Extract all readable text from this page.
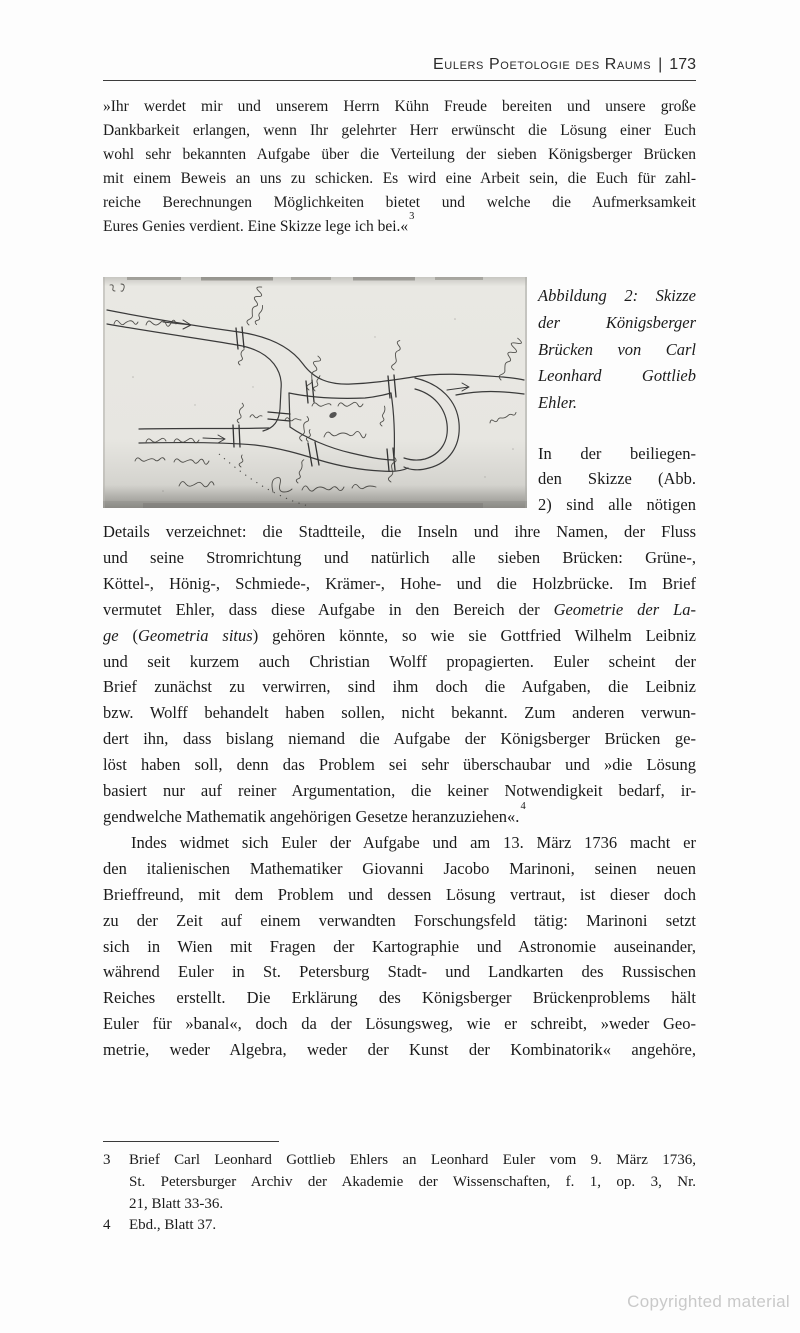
Eulers Poetologie des Raums | 173
»Ihr werdet mir und unserem Herrn Kühn Freude bereiten und unsere große
Dankbarkeit erlangen, wenn Ihr gelehrter Herr erwünscht die Lösung einer Euch
wohl sehr bekannten Aufgabe über die Verteilung der sieben Königsberger Brücken
mit einem Beweis an uns zu schicken. Es wird eine Arbeit sein, die Euch für zahl-
reiche Berechnungen Möglichkeiten bietet und welche die Aufmerksamkeit
Eures Genies verdient. Eine Skizze lege ich bei.«$^3$
Abbildung 2: Skizze
der Königsberger
Brücken von Carl
Leonhard Gottlieb
Ehler.
In der beiliegen-
den Skizze (Abb.
2) sind alle nötigen
Details verzeichnet: die Stadtteile, die Inseln und ihre Namen, der Fluss
und seine Stromrichtung und natürlich alle sieben Brücken: Grüne-,
Köttel-, Hönig-, Schmiede-, Krämer-, Hohe- und die Holzbrücke. Im Brief
vermutet Ehler, dass diese Aufgabe in den Bereich der Geometrie der La-
ge (Geometria situs) gehören könnte, so wie sie Gottfried Wilhelm Leibniz
und seit kurzem auch Christian Wolff propagierten. Euler scheint der
Brief zunächst zu verwirren, sind ihm doch die Aufgaben, die Leibniz
bzw. Wolff behandelt haben sollen, nicht bekannt. Zum anderen verwun-
dert ihn, dass bislang niemand die Aufgabe der Königsberger Brücken ge-
löst haben soll, denn das Problem sei sehr überschaubar und »die Lösung
basiert nur auf reiner Argumentation, die keiner Notwendigkeit bedarf, ir-
gendwelche Mathematik angehörigen Gesetze heranzuziehen«.$^4$
Indes widmet sich Euler der Aufgabe und am 13. März 1736 macht er
den italienischen Mathematiker Giovanni Jacobo Marinoni, seinen neuen
Brieffreund, mit dem Problem und dessen Lösung vertraut, ist dieser doch
zu der Zeit auf einem verwandten Forschungsfeld tätig: Marinoni setzt
sich in Wien mit Fragen der Kartographie und Astronomie auseinander,
während Euler in St. Petersburg Stadt- und Landkarten des Russischen
Reiches erstellt. Die Erklärung des Königsberger Brückenproblems hält
Euler für »banal«, doch da der Lösungsweg, wie er schreibt, »weder Geo-
metrie, weder Algebra, weder der Kunst der Kombinatorik« angehöre,
3	Brief Carl Leonhard Gottlieb Ehlers an Leonhard Euler vom 9. März 1736,
St. Petersburger Archiv der Akademie der Wissenschaften, f. 1, op. 3, Nr.
21, Blatt 33-36.
4	Ebd., Blatt 37.
Copyrighted material
